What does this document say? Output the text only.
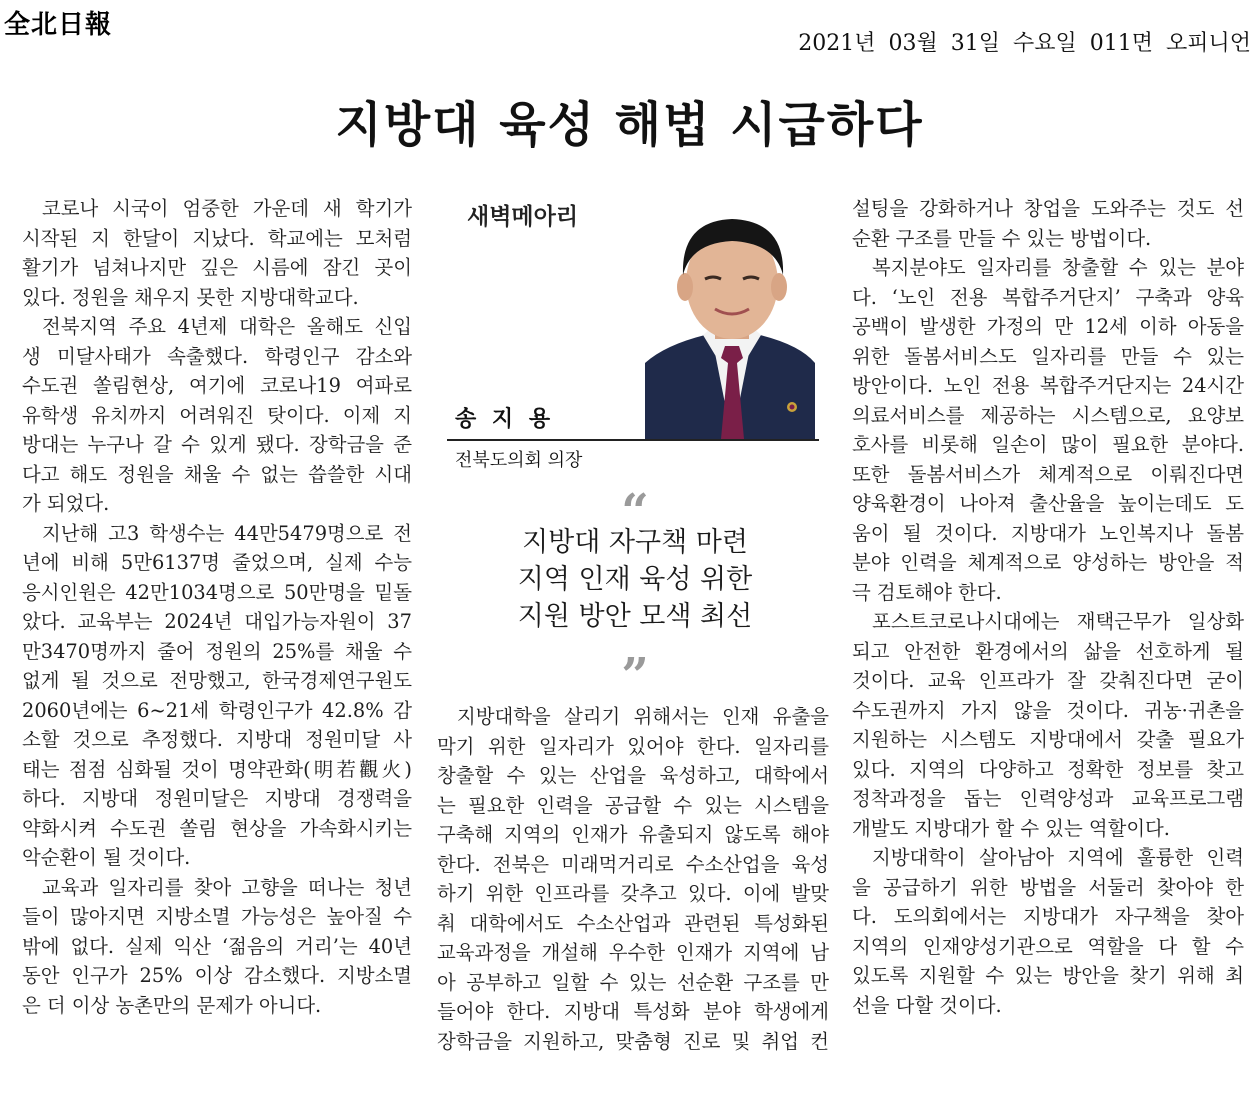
全北日報
2021년 03월 31일 수요일 011면 오피니언
지방대 육성 해법 시급하다
코로나 시국이 엄중한 가운데 새 학기가
시작된 지 한달이 지났다. 학교에는 모처럼
활기가 넘쳐나지만 깊은 시름에 잠긴 곳이
있다. 정원을 채우지 못한 지방대학교다.
전북지역 주요 4년제 대학은 올해도 신입
생 미달사태가 속출했다. 학령인구 감소와
수도권 쏠림현상, 여기에 코로나19 여파로
유학생 유치까지 어려워진 탓이다. 이제 지
방대는 누구나 갈 수 있게 됐다. 장학금을 준
다고 해도 정원을 채울 수 없는 씁쓸한 시대
가 되었다.
지난해 고3 학생수는 44만5479명으로 전
년에 비해 5만6137명 줄었으며, 실제 수능
응시인원은 42만1034명으로 50만명을 밑돌
았다. 교육부는 2024년 대입가능자원이 37
만3470명까지 줄어 정원의 25%를 채울 수
없게 될 것으로 전망했고, 한국경제연구원도
2060년에는 6~21세 학령인구가 42.8% 감
소할 것으로 추정했다. 지방대 정원미달 사
태는 점점 심화될 것이 명약관화(明若觀火)
하다. 지방대 정원미달은 지방대 경쟁력을
약화시켜 수도권 쏠림 현상을 가속화시키는
악순환이 될 것이다.
교육과 일자리를 찾아 고향을 떠나는 청년
들이 많아지면 지방소멸 가능성은 높아질 수
밖에 없다. 실제 익산 ‘젊음의 거리’는 40년
동안 인구가 25% 이상 감소했다. 지방소멸
은 더 이상 농촌만의 문제가 아니다.
새벽메아리
송 지 용
전북도의회 의장
“
지방대 자구책 마련
지역 인재 육성 위한
지원 방안 모색 최선
”
지방대학을 살리기 위해서는 인재 유출을
막기 위한 일자리가 있어야 한다. 일자리를
창출할 수 있는 산업을 육성하고, 대학에서
는 필요한 인력을 공급할 수 있는 시스템을
구축해 지역의 인재가 유출되지 않도록 해야
한다. 전북은 미래먹거리로 수소산업을 육성
하기 위한 인프라를 갖추고 있다. 이에 발맞
춰 대학에서도 수소산업과 관련된 특성화된
교육과정을 개설해 우수한 인재가 지역에 남
아 공부하고 일할 수 있는 선순환 구조를 만
들어야 한다. 지방대 특성화 분야 학생에게
장학금을 지원하고, 맞춤형 진로 및 취업 컨
설팅을 강화하거나 창업을 도와주는 것도 선
순환 구조를 만들 수 있는 방법이다.
복지분야도 일자리를 창출할 수 있는 분야
다. ‘노인 전용 복합주거단지’ 구축과 양육
공백이 발생한 가정의 만 12세 이하 아동을
위한 돌봄서비스도 일자리를 만들 수 있는
방안이다. 노인 전용 복합주거단지는 24시간
의료서비스를 제공하는 시스템으로, 요양보
호사를 비롯해 일손이 많이 필요한 분야다.
또한 돌봄서비스가 체계적으로 이뤄진다면
양육환경이 나아져 출산율을 높이는데도 도
움이 될 것이다. 지방대가 노인복지나 돌봄
분야 인력을 체계적으로 양성하는 방안을 적
극 검토해야 한다.
포스트코로나시대에는 재택근무가 일상화
되고 안전한 환경에서의 삶을 선호하게 될
것이다. 교육 인프라가 잘 갖춰진다면 굳이
수도권까지 가지 않을 것이다. 귀농·귀촌을
지원하는 시스템도 지방대에서 갖출 필요가
있다. 지역의 다양하고 정확한 정보를 찾고
정착과정을 돕는 인력양성과 교육프로그램
개발도 지방대가 할 수 있는 역할이다.
지방대학이 살아남아 지역에 훌륭한 인력
을 공급하기 위한 방법을 서둘러 찾아야 한
다. 도의회에서는 지방대가 자구책을 찾아
지역의 인재양성기관으로 역할을 다 할 수
있도록 지원할 수 있는 방안을 찾기 위해 최
선을 다할 것이다.
